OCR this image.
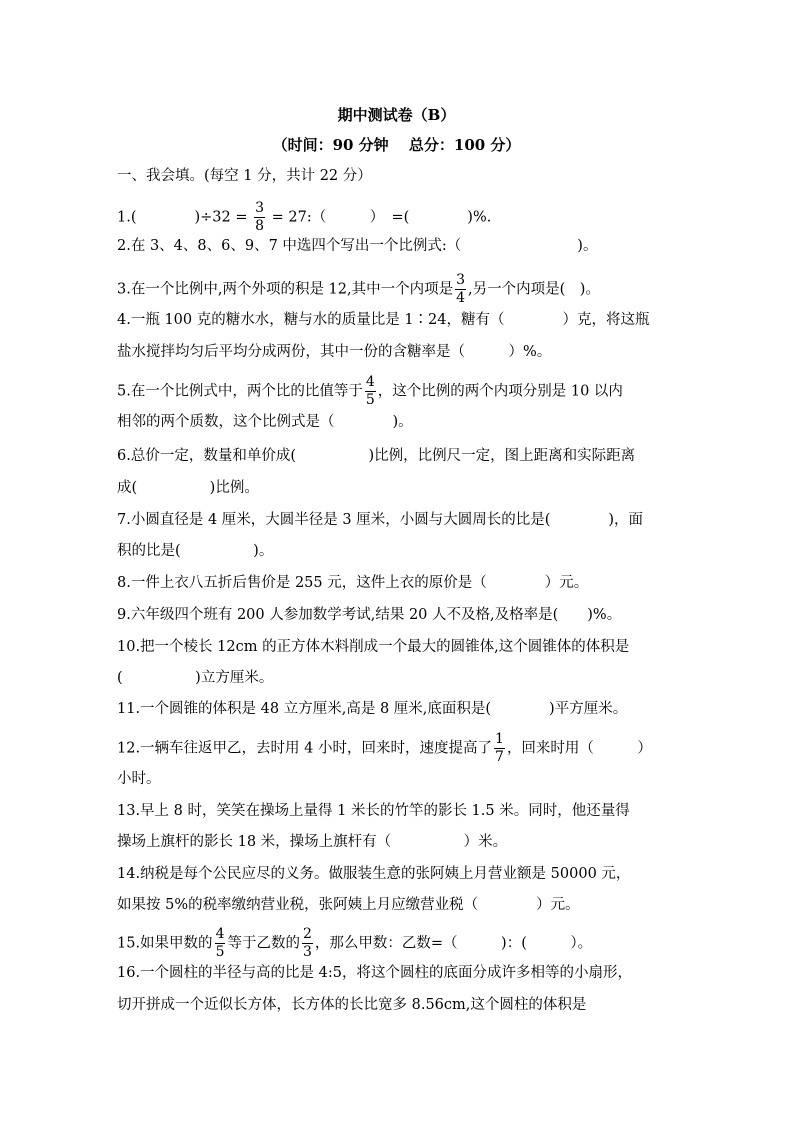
期中测试卷（B）
（时间：90 分钟　 总分：100 分）
一、我会填。(每空 1 分，共计 22 分）
1.(　　　　)$\div 32 = \frac{3}{8}$ = 27:（　　　）　=(　　　　)%.
2.在 3、4、8、6、9、7 中选四个写出一个比例式:（　　　　　　　　)。
3.在一个比例中,两个外项的积是 12,其中一个内项是 $\frac{3}{4}$ ,另一个内项是(　)。
4.一瓶 100 克的糖水水，糖与水的质量比是 1∶24，糖有（　　　　）克，将这瓶
盐水搅拌均匀后平均分成两份，其中一份的含糖率是（　　　）%。
5.在一个比例式中，两个比的比值等于 $\frac{4}{5}$ ，这个比例的两个内项分别是 10 以内
相邻的两个质数，这个比例式是（　　　　)。
6.总价一定，数量和单价成(　　　　　)比例，比例尺一定，图上距离和实际距离
成(　　　　　)比例。
7.小圆直径是 4 厘米，大圆半径是 3 厘米，小圆与大圆周长的比是(　　　　)，面
积的比是(　　　　　)。
8.一件上衣八五折后售价是 255 元，这件上衣的原价是（　　　　）元。
9.六年级四个班有 200 人参加数学考试,结果 20 人不及格,及格率是(　　)%。
10.把一个棱长 12cm 的正方体木料削成一个最大的圆锥体,这个圆锥体的体积是
(　　　　　)立方厘米。
11.一个圆锥的体积是 48 立方厘米,高是 8 厘米,底面积是(　　　　)平方厘米。
12.一辆车往返甲乙，去时用 4 小时，回来时，速度提高了 $\frac{1}{7}$ ，回来时用（　　　）
小时。
13.早上 8 时，笑笑在操场上量得 1 米长的竹竿的影长 1.5 米。同时，他还量得
操场上旗杆的影长 18 米，操场上旗杆有（　　　　　）米。
14.纳税是每个公民应尽的义务。做服装生意的张阿姨上月营业额是 50000 元，
如果按 5%的税率缴纳营业税，张阿姨上月应缴营业税（　　　　）元。
15.如果甲数的 $\frac{4}{5}$ 等于乙数的 $\frac{2}{3}$ ，那么甲数：乙数=（　　　)：(　　　）。
16.一个圆柱的半径与高的比是 4:5，将这个圆柱的底面分成许多相等的小扇形，
切开拼成一个近似长方体，长方体的长比宽多 8.56cm,这个圆柱的体积是
